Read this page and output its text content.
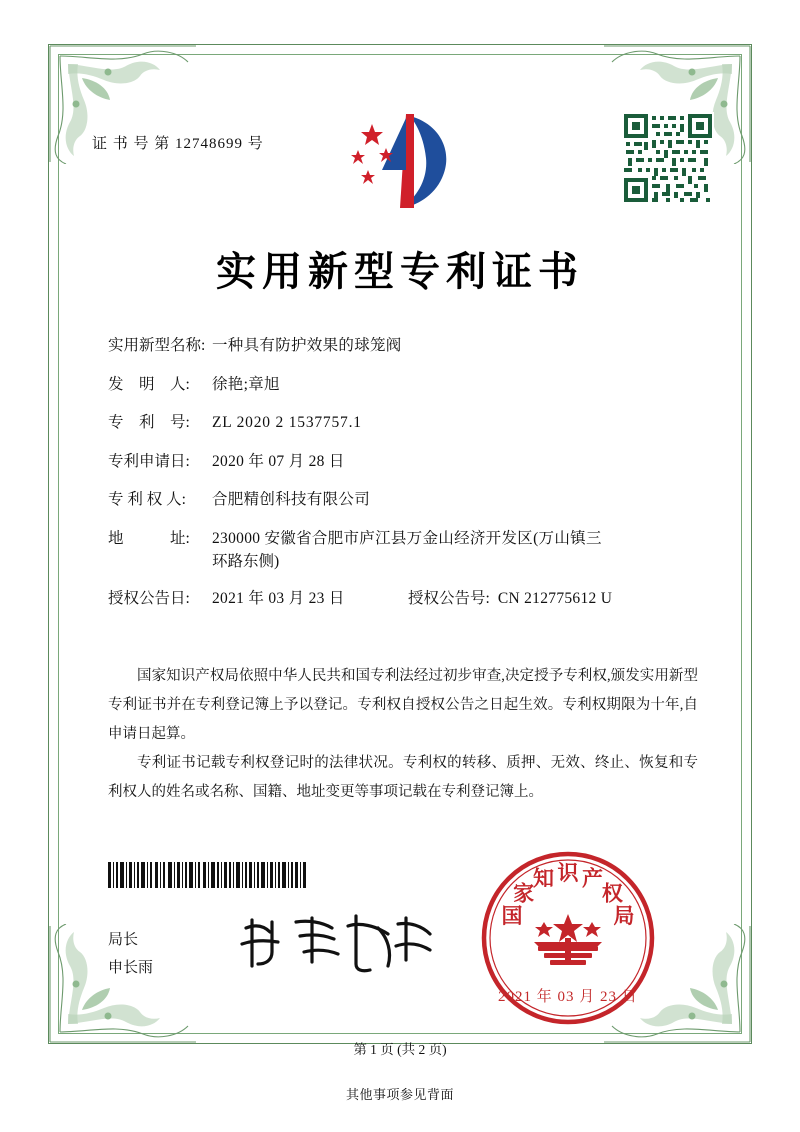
证 书 号 第 12748699 号
实用新型专利证书
实用新型名称: 一种具有防护效果的球笼阀
发　明　人:	徐艳;章旭
专　利　号:	ZL 2020 2 1537757.1
专利申请日:	2020 年 07 月 28 日
专 利 权 人:	合肥精创科技有限公司
地　　　址:	230000 安徽省合肥市庐江县万金山经济开发区(万山镇三
环路东侧)
授权公告日:	2021 年 03 月 23 日	授权公告号: CN 212775612 U

国家知识产权局依照中华人民共和国专利法经过初步审查,决定授予专利权,颁发实用新型专利证书并在专利登记簿上予以登记。专利权自授权公告之日起生效。专利权期限为十年,自申请日起算。

专利证书记载专利权登记时的法律状况。专利权的转移、质押、无效、终止、恢复和专利权人的姓名或名称、国籍、地址变更等事项记载在专利登记簿上。

局长
申长雨
国
家
知 识 产
权
局
2021 年 03 月 23 日
第 1 页 (共 2 页)
其他事项参见背面
